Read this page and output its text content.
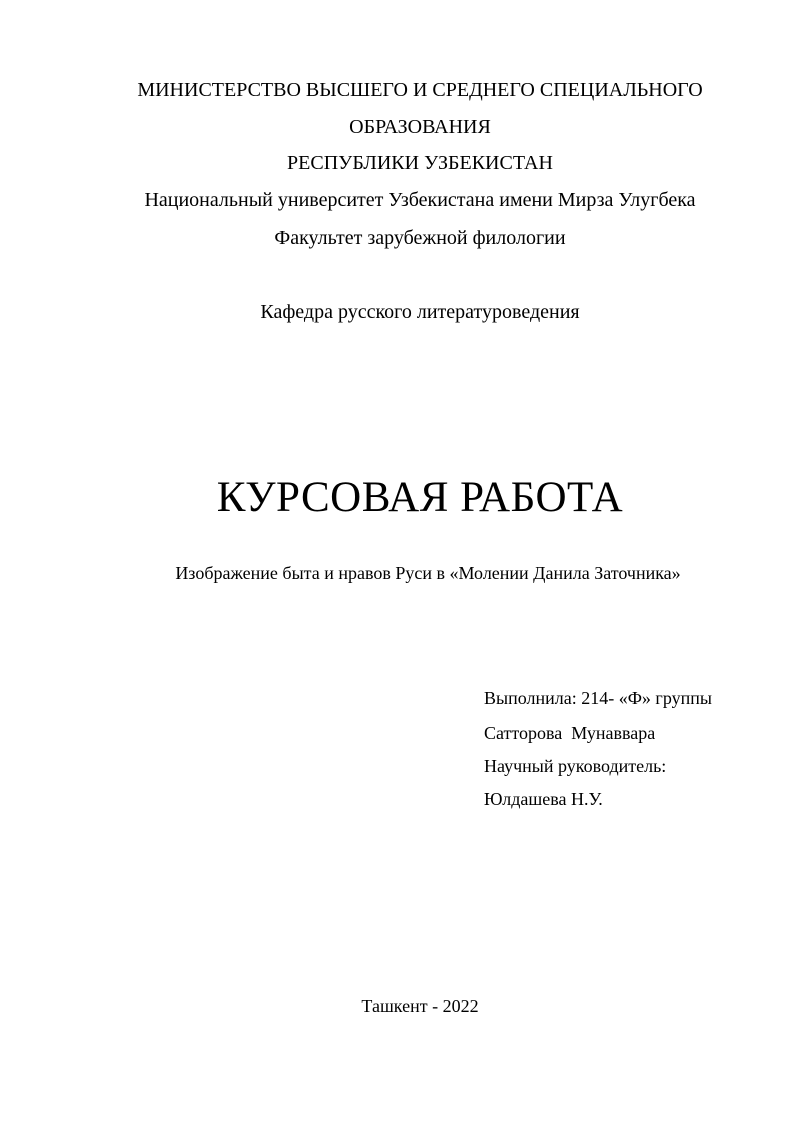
МИНИСТЕРСТВО ВЫСШЕГО И СРЕДНЕГО СПЕЦИАЛЬНОГО
ОБРАЗОВАНИЯ
РЕСПУБЛИКИ УЗБЕКИСТАН
Национальный университет Узбекистана имени Мирза Улугбека
Факультет зарубежной филологии
Кафедра русского литературоведения
КУРСОВАЯ РАБОТА
Изображение быта и нравов Руси в «Молении Данила Заточника»
Выполнила: 214- «Ф» группы
Сатторова  Мунаввара
Научный руководитель:
Юлдашева Н.У.
Ташкент - 2022
